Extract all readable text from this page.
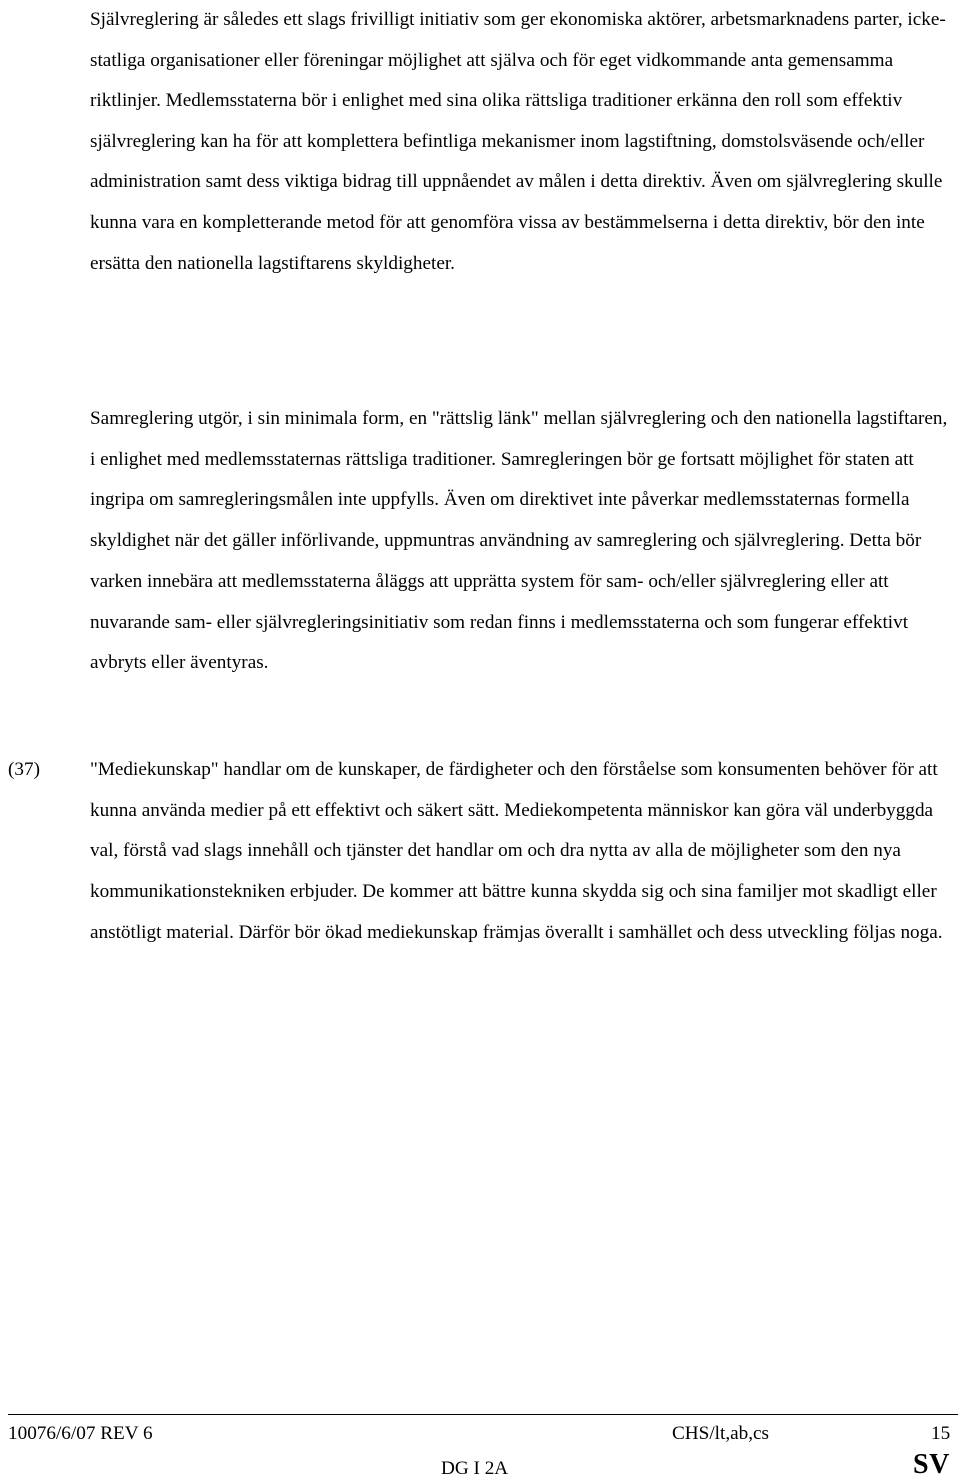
Självreglering är således ett slags frivilligt initiativ som ger ekonomiska aktörer, arbetsmarknadens parter, icke-statliga organisationer eller föreningar möjlighet att själva och för eget vidkommande anta gemensamma riktlinjer. Medlemsstaterna bör i enlighet med sina olika rättsliga traditioner erkänna den roll som effektiv självreglering kan ha för att komplettera befintliga mekanismer inom lagstiftning, domstolsväsende och/eller administration samt dess viktiga bidrag till uppnåendet av målen i detta direktiv. Även om självreglering skulle kunna vara en kompletterande metod för att genomföra vissa av bestämmelserna i detta direktiv, bör den inte ersätta den nationella lagstiftarens skyldigheter.

Samreglering utgör, i sin minimala form, en "rättslig länk" mellan självreglering och den nationella lagstiftaren, i enlighet med medlemsstaternas rättsliga traditioner. Samregleringen bör ge fortsatt möjlighet för staten att ingripa om samregleringsmålen inte uppfylls. Även om direktivet inte påverkar medlemsstaternas formella skyldighet när det gäller införlivande, uppmuntras användning av samreglering och självreglering. Detta bör varken innebära att medlemsstaterna åläggs att upprätta system för sam- och/eller självreglering eller att nuvarande sam- eller självregleringsinitiativ som redan finns i medlemsstaterna och som fungerar effektivt avbryts eller äventyras.

(37)	"Mediekunskap" handlar om de kunskaper, de färdigheter och den förståelse som konsumenten behöver för att kunna använda medier på ett effektivt och säkert sätt. Mediekompetenta människor kan göra väl underbyggda val, förstå vad slags innehåll och tjänster det handlar om och dra nytta av alla de möjligheter som den nya kommunikationstekniken erbjuder. De kommer att bättre kunna skydda sig och sina familjer mot skadligt eller anstötligt material. Därför bör ökad mediekunskap främjas överallt i samhället och dess utveckling följas noga.

10076/6/07 REV 6	CHS/lt,ab,cs	15
DG I 2A	SV
